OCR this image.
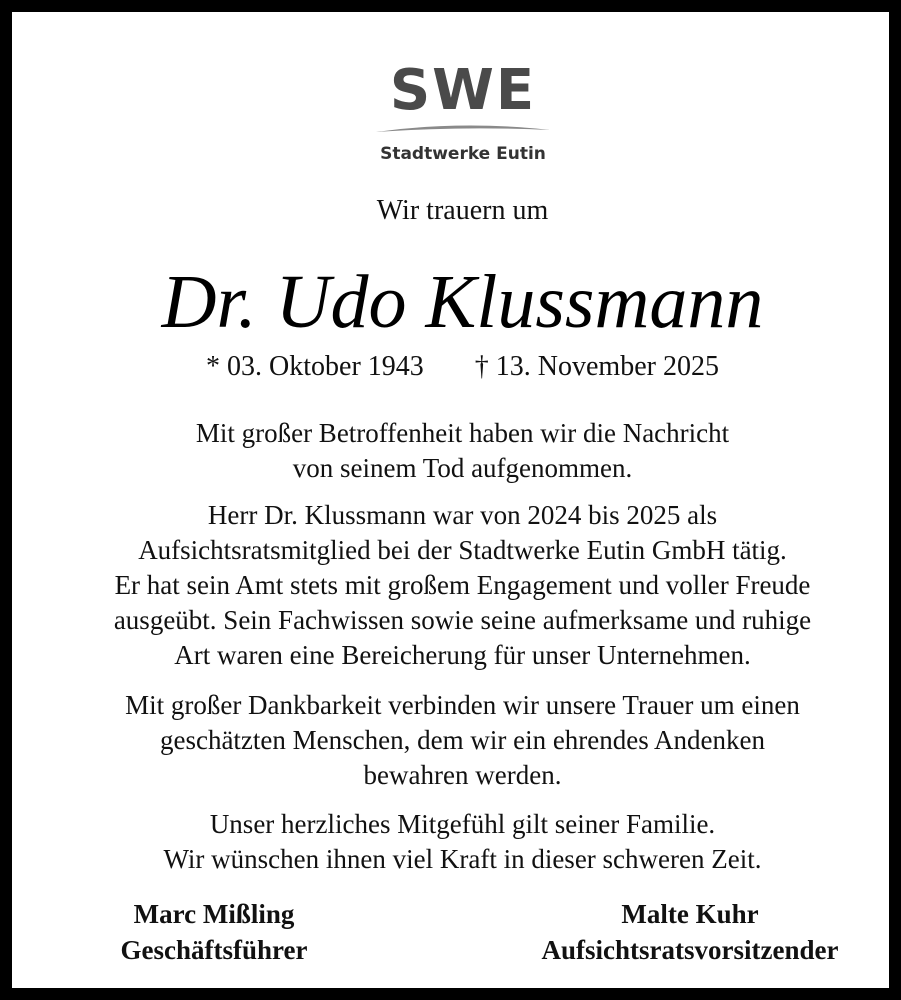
SWE
Stadtwerke Eutin
Wir trauern um
Dr. Udo Klussmann
* 03. Oktober 1943 † 13. November 2025
Mit großer Betroffenheit haben wir die Nachricht
von seinem Tod aufgenommen.
Herr Dr. Klussmann war von 2024 bis 2025 als
Aufsichtsratsmitglied bei der Stadtwerke Eutin GmbH tätig.
Er hat sein Amt stets mit großem Engagement und voller Freude
ausgeübt. Sein Fachwissen sowie seine aufmerksame und ruhige
Art waren eine Bereicherung für unser Unternehmen.
Mit großer Dankbarkeit verbinden wir unsere Trauer um einen
geschätzten Menschen, dem wir ein ehrendes Andenken
bewahren werden.
Unser herzliches Mitgefühl gilt seiner Familie.
Wir wünschen ihnen viel Kraft in dieser schweren Zeit.
Marc Mißling
Geschäftsführer
Malte Kuhr
Aufsichtsratsvorsitzender
